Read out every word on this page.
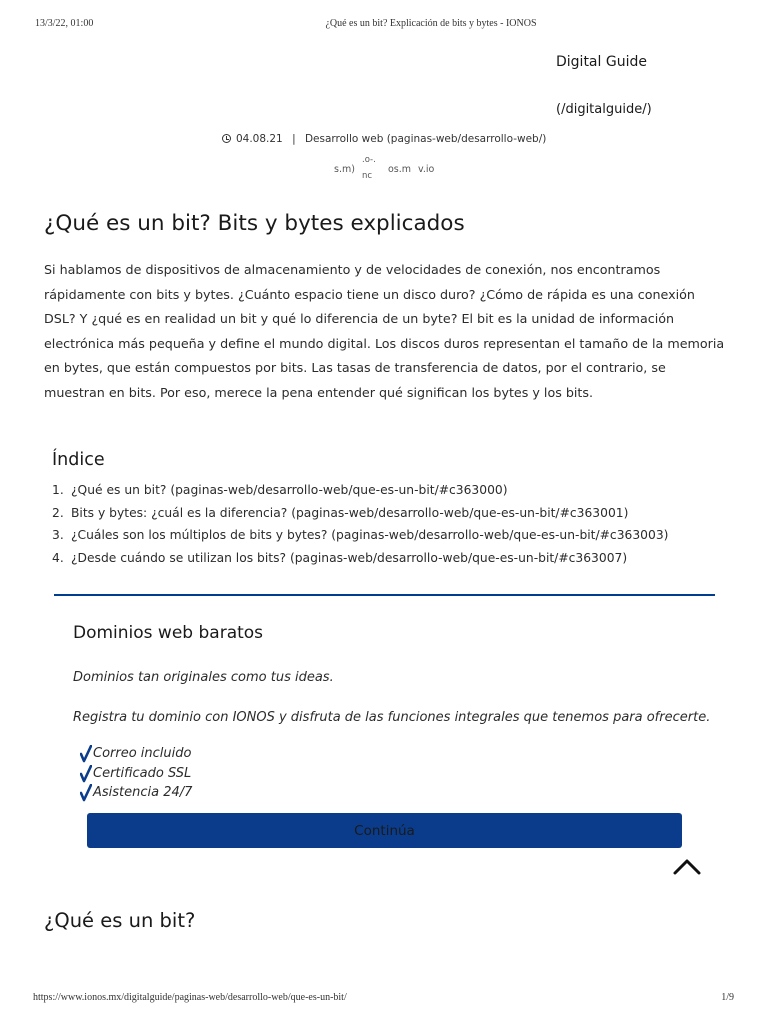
13/3/22, 01:00	¿Qué es un bit? Explicación de bits y bytes - IONOS
Digital Guide
(/digitalguide/)
04.08.21 | Desarrollo web (paginas-web/desarrollo-web/)
s.m)
.o-.
nc
os.m v.io
¿Qué es un bit? Bits y bytes explicados

Si hablamos de dispositivos de almacenamiento y de velocidades de conexión, nos encontramos rápidamente con bits y bytes. ¿Cuánto espacio tiene un disco duro? ¿Cómo de rápida es una conexión DSL? Y ¿qué es en realidad un bit y qué lo diferencia de un byte? El bit es la unidad de información electrónica más pequeña y define el mundo digital. Los discos duros representan el tamaño de la memoria en bytes, que están compuestos por bits. Las tasas de transferencia de datos, por el contrario, se muestran en bits. Por eso, merece la pena entender qué significan los bytes y los bits.

Índice
1. ¿Qué es un bit? (paginas-web/desarrollo-web/que-es-un-bit/#c363000)
2. Bits y bytes: ¿cuál es la diferencia? (paginas-web/desarrollo-web/que-es-un-bit/#c363001)
3. ¿Cuáles son los múltiplos de bits y bytes? (paginas-web/desarrollo-web/que-es-un-bit/#c363003)
4. ¿Desde cuándo se utilizan los bits? (paginas-web/desarrollo-web/que-es-un-bit/#c363007)
Dominios web baratos

Dominios tan originales como tus ideas.

Registra tu dominio con IONOS y disfruta de las funciones integrales que tenemos para ofrecerte.

Correo incluido
Certificado SSL
Asistencia 24/7
Continúa
¿Qué es un bit?
https://www.ionos.mx/digitalguide/paginas-web/desarrollo-web/que-es-un-bit/	1/9
